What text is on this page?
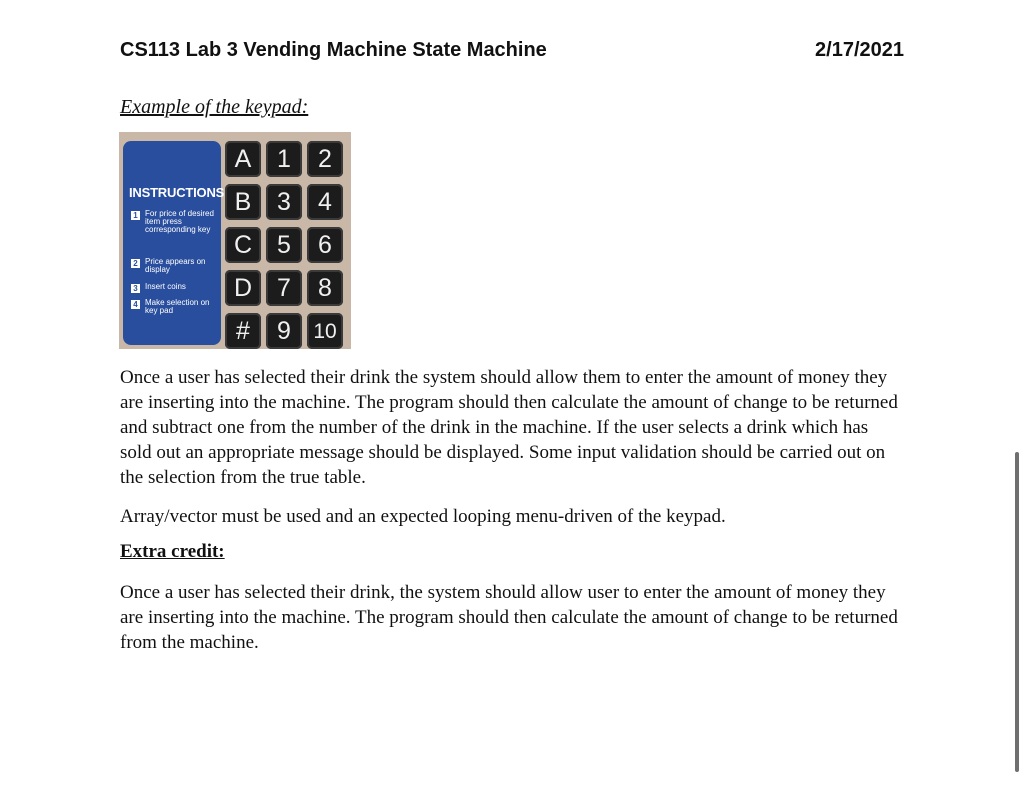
CS113 Lab 3 Vending Machine State Machine	2/17/2021
Example of the keypad:
INSTRUCTIONS
1 For price of desired item press corresponding key
2 Price appears on display
3 Insert coins
4 Make selection on key pad
A 1 2
B 3 4
C 5 6
D 7 8
# 9 10
Once a user has selected their drink the system should allow them to enter the amount of money they are inserting into the machine. The program should then calculate the amount of change to be returned and subtract one from the number of the drink in the machine. If the user selects a drink which has sold out an appropriate message should be displayed. Some input validation should be carried out on the selection from the true table.
Array/vector must be used and an expected looping menu-driven of the keypad.
Extra credit:
Once a user has selected their drink, the system should allow user to enter the amount of money they are inserting into the machine. The program should then calculate the amount of change to be returned from the machine.
